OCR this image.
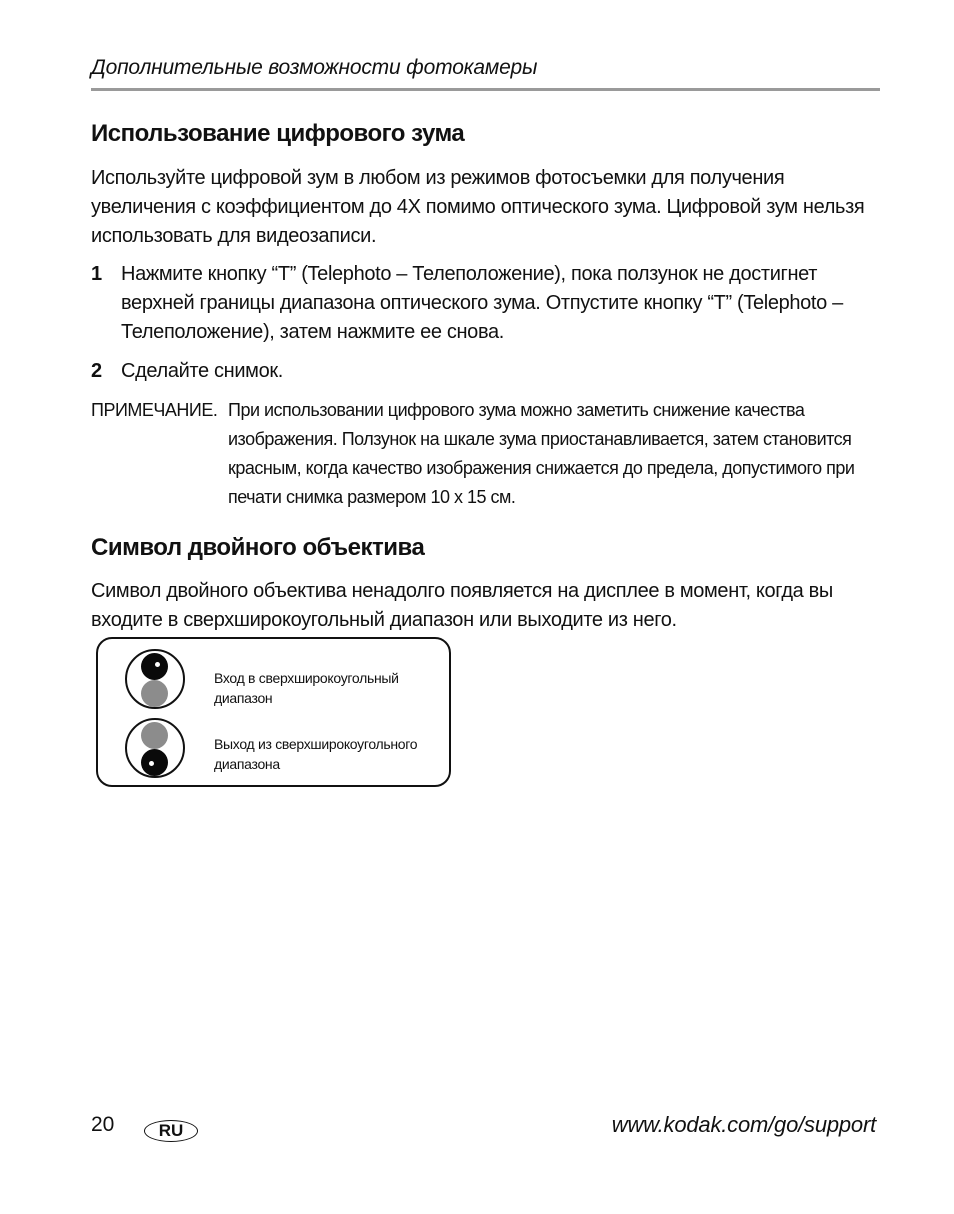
Дополнительные возможности фотокамеры
Использование цифрового зума

Используйте цифровой зум в любом из режимов фотосъемки для получения увеличения с коэффициентом до 4X помимо оптического зума. Цифровой зум нельзя использовать для видеозаписи.

1 Нажмите кнопку “T” (Telephoto – Телеположение), пока ползунок не достигнет верхней границы диапазона оптического зума. Отпустите кнопку “T” (Telephoto – Телеположение), затем нажмите ее снова.
2 Сделайте снимок.
ПРИМЕЧАНИЕ. При использовании цифрового зума можно заметить снижение качества изображения. Ползунок на шкале зума приостанавливается, затем становится красным, когда качество изображения снижается до предела, допустимого при печати снимка размером 10 x 15 см.
Символ двойного объектива

Символ двойного объектива ненадолго появляется на дисплее в момент, когда вы входите в сверхширокоугольный диапазон или выходите из него.

Вход в сверхширокоугольный диапазон
Выход из сверхширокоугольного диапазона
20	RU	www.kodak.com/go/support
